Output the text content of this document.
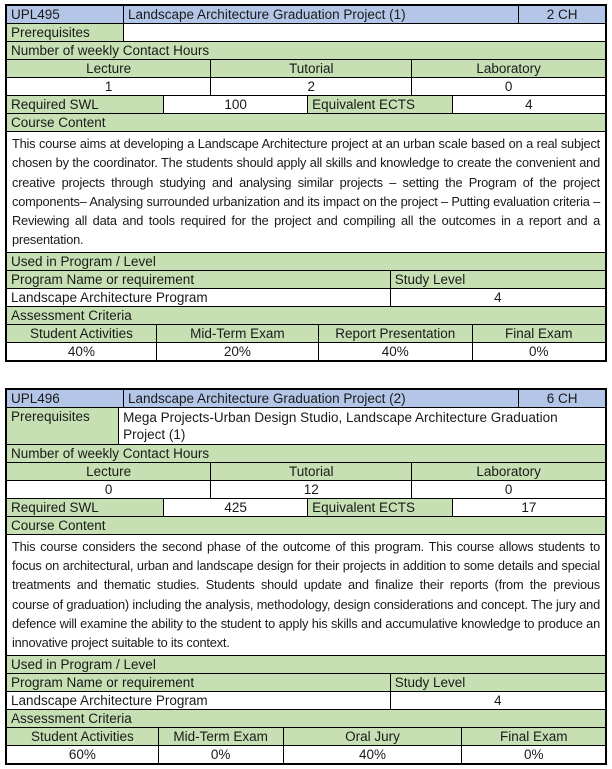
UPL495	Landscape Architecture Graduation Project (1)	2 CH
Prerequisites
Number of weekly Contact Hours
Lecture	Tutorial	Laboratory
1	2	0
Required SWL	100	Equivalent ECTS	4
Course Content
This course aims at developing a Landscape Architecture project at an urban scale based on a real subject chosen by the coordinator. The students should apply all skills and knowledge to create the convenient and creative projects through studying and analysing similar projects – setting the Program of the project components– Analysing surrounded urbanization and its impact on the project – Putting evaluation criteria – Reviewing all data and tools required for the project and compiling all the outcomes in a report and a presentation.
Used in Program / Level
Program Name or requirement	Study Level
Landscape Architecture Program	4
Assessment Criteria
Student Activities	Mid-Term Exam	Report Presentation	Final Exam
40%	20%	40%	0%
UPL496	Landscape Architecture Graduation Project (2)	6 CH
Prerequisites	Mega Projects-Urban Design Studio, Landscape Architecture Graduation Project (1)
Number of weekly Contact Hours
Lecture	Tutorial	Laboratory
0	12	0
Required SWL	425	Equivalent ECTS	17
Course Content
This course considers the second phase of the outcome of this program. This course allows students to focus on architectural, urban and landscape design for their projects in addition to some details and special treatments and thematic studies. Students should update and finalize their reports (from the previous course of graduation) including the analysis, methodology, design considerations and concept. The jury and defence will examine the ability to the student to apply his skills and accumulative knowledge to produce an innovative project suitable to its context.
Used in Program / Level
Program Name or requirement	Study Level
Landscape Architecture Program	4
Assessment Criteria
Student Activities	Mid-Term Exam	Oral Jury	Final Exam
60%	0%	40%	0%
